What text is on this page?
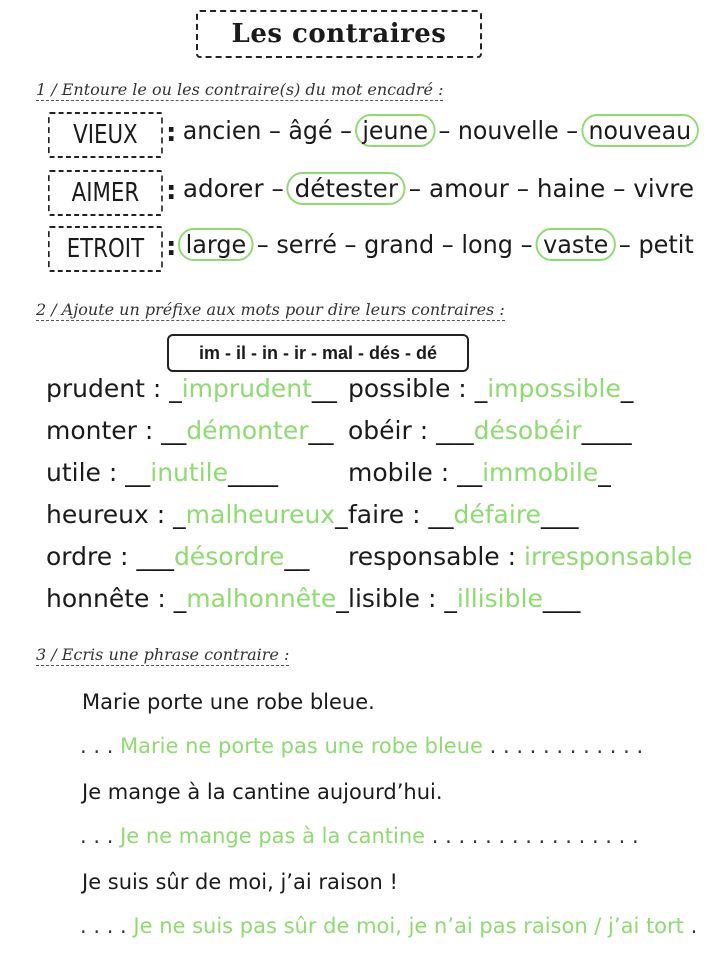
Les contraires
1 / Entoure le ou les contraire(s) du mot encadré :
VIEUX	: ancien – âgé – jeune – nouvelle – nouveau
AIMER	: adorer – détester – amour – haine – vivre
ETROIT : large – serré – grand – long – vaste – petit
2 / Ajoute un préfixe aux mots pour dire leurs contraires :
im - il - in - ir - mal - dés - dé
prudent : _imprudent__
monter : __démonter__
utile : __inutile____
heureux : _malheureux_
ordre : ___désordre__
honnête : _malhonnête_
possible : _impossible_
obéir : ___désobéir____
mobile : __immobile_
faire : __défaire___
responsable : irresponsable
lisible : _illisible___
3 / Ecris une phrase contraire :
Marie porte une robe bleue.
. . . Marie ne porte pas une robe bleue . . . . . . . . . . . .
Je mange à la cantine aujourd’hui.
. . . Je ne mange pas à la cantine . . . . . . . . . . . . . . . .
Je suis sûr de moi, j’ai raison !
. . . . Je ne suis pas sûr de moi, je n’ai pas raison / j’ai tort .
